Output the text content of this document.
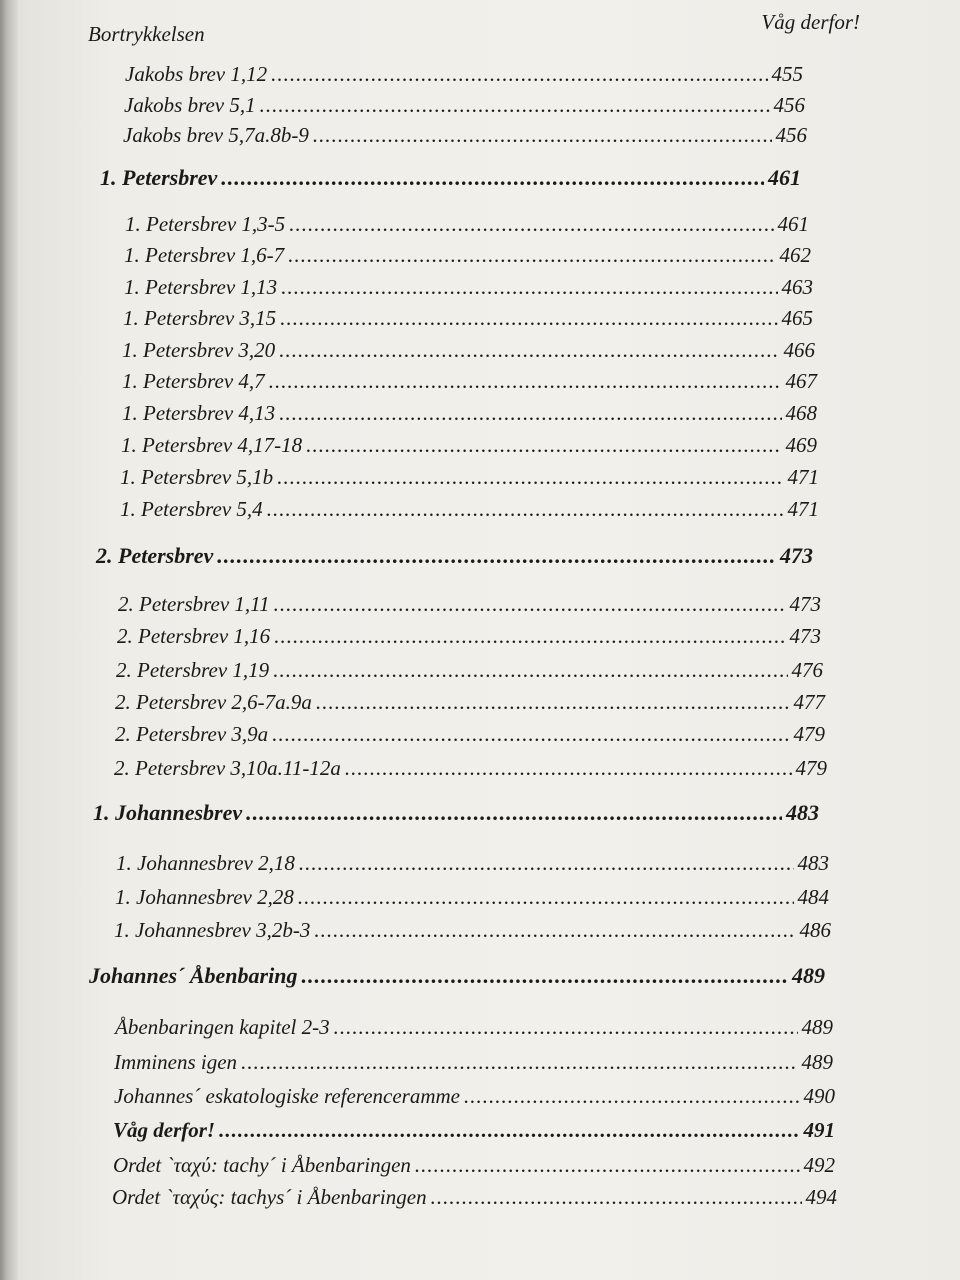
Bortrykkelsen	Våg derfor!
Jakobs brev 1,12 .....	455
Jakobs brev 5,1 .....	456
Jakobs brev 5,7a.8b-9 .....	456
1. Petersbrev .....	461
1. Petersbrev 1,3-5 .....	461
1. Petersbrev 1,6-7 .....	462
1. Petersbrev 1,13 .....	463
1. Petersbrev 3,15 .....	465
1. Petersbrev 3,20 .....	466
1. Petersbrev 4,7 .....	467
1. Petersbrev 4,13 .....	468
1. Petersbrev 4,17-18 .....	469
1. Petersbrev 5,1b .....	471
1. Petersbrev 5,4 .....	471
2. Petersbrev .....	473
2. Petersbrev 1,11 .....	473
2. Petersbrev 1,16 .....	473
2. Petersbrev 1,19 .....	476
2. Petersbrev 2,6-7a.9a .....	477
2. Petersbrev 3,9a .....	479
2. Petersbrev 3,10a.11-12a .....	479
1. Johannesbrev .....	483
1. Johannesbrev 2,18 .....	483
1. Johannesbrev 2,28 .....	484
1. Johannesbrev 3,2b-3 .....	486
Johannes´ Åbenbaring .....	489
Åbenbaringen kapitel 2-3 .....	489
Imminens igen .....	489
Johannes´ eskatologiske referenceramme .....	490
Våg derfor! .....	491
Ordet `ταχύ: tachy´ i Åbenbaringen .....	492
Ordet `ταχύς: tachys´ i Åbenbaringen .....	494
